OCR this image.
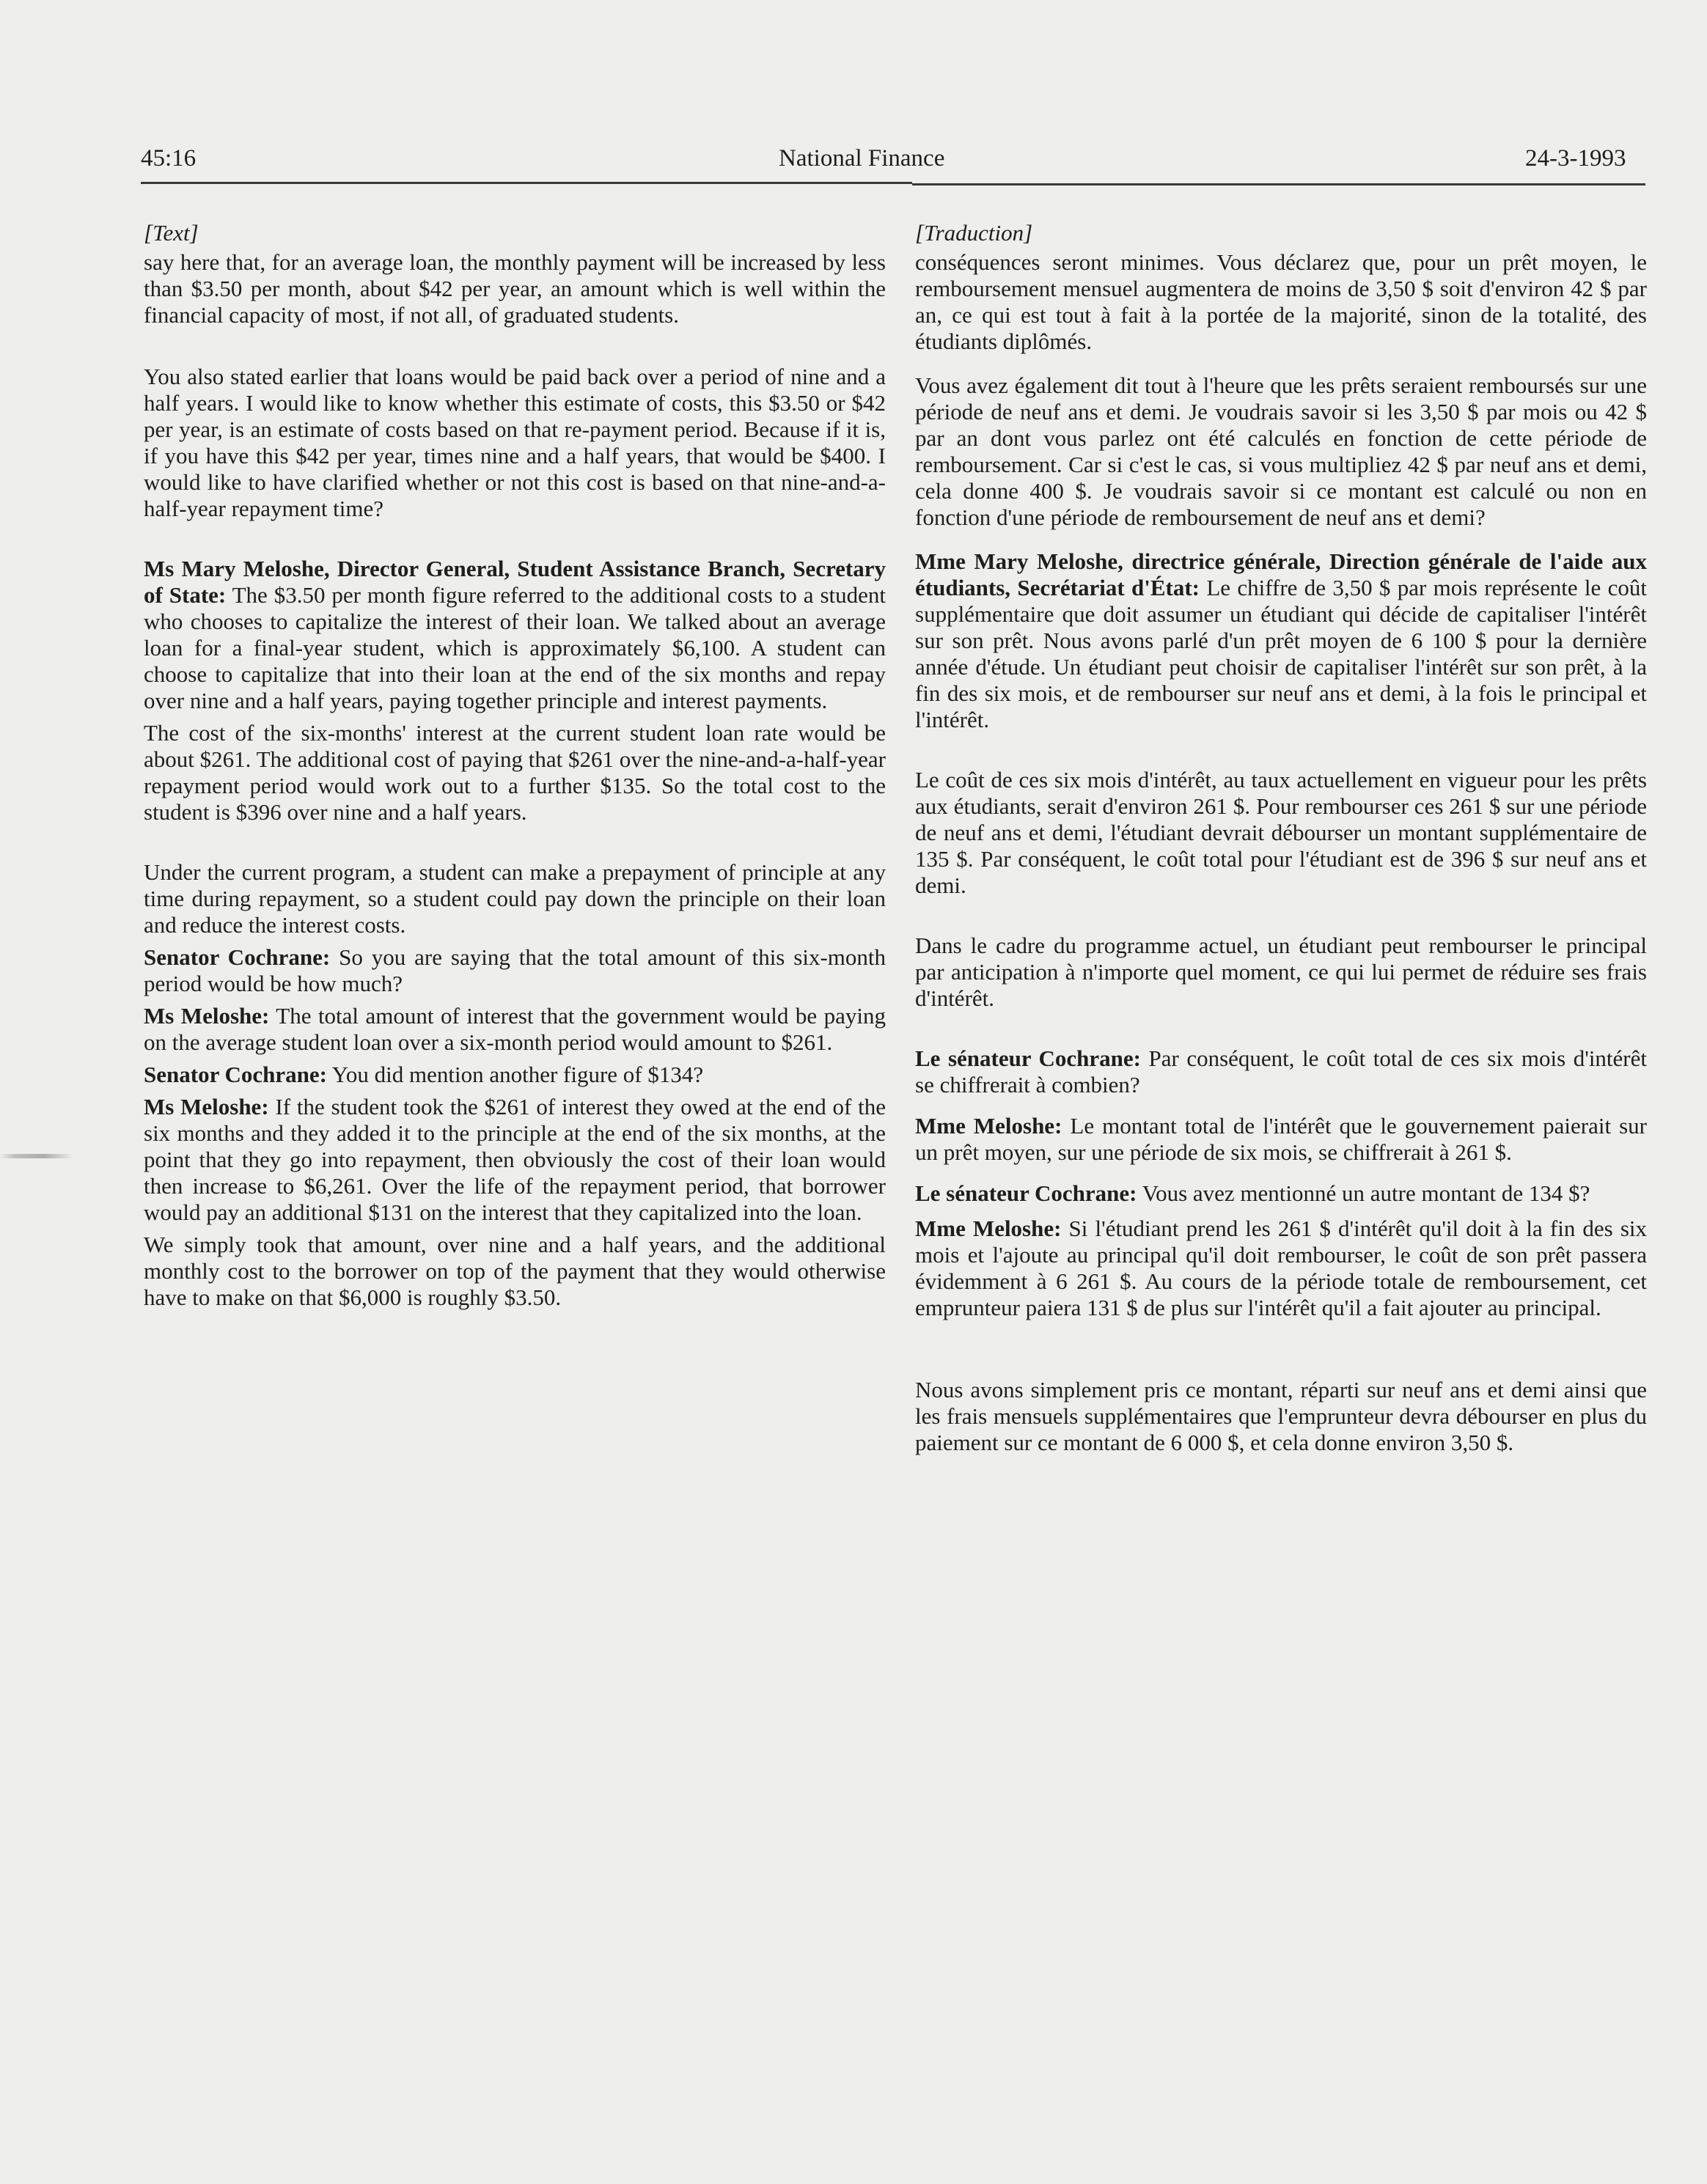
45:16	National Finance	24-3-1993

[Text]

say here that, for an average loan, the monthly payment will be increased by less than $3.50 per month, about $42 per year, an amount which is well within the financial capacity of most, if not all, of graduated students.

You also stated earlier that loans would be paid back over a period of nine and a half years. I would like to know whether this estimate of costs, this $3.50 or $42 per year, is an estimate of costs based on that re-payment period. Because if it is, if you have this $42 per year, times nine and a half years, that would be $400. I would like to have clarified whether or not this cost is based on that nine-and-a-half-year repayment time?

Ms Mary Meloshe, Director General, Student Assistance Branch, Secretary of State: The $3.50 per month figure referred to the additional costs to a student who chooses to capitalize the interest of their loan. We talked about an average loan for a final-year student, which is approximately $6,100. A student can choose to capitalize that into their loan at the end of the six months and repay over nine and a half years, paying together principle and interest payments.

The cost of the six-months' interest at the current student loan rate would be about $261. The additional cost of paying that $261 over the nine-and-a-half-year repayment period would work out to a further $135. So the total cost to the student is $396 over nine and a half years.

Under the current program, a student can make a prepayment of principle at any time during repayment, so a student could pay down the principle on their loan and reduce the interest costs.

Senator Cochrane: So you are saying that the total amount of this six-month period would be how much?

Ms Meloshe: The total amount of interest that the government would be paying on the average student loan over a six-month period would amount to $261.

Senator Cochrane: You did mention another figure of $134?

Ms Meloshe: If the student took the $261 of interest they owed at the end of the six months and they added it to the principle at the end of the six months, at the point that they go into repayment, then obviously the cost of their loan would then increase to $6,261. Over the life of the repayment period, that borrower would pay an additional $131 on the interest that they capitalized into the loan.

We simply took that amount, over nine and a half years, and the additional monthly cost to the borrower on top of the payment that they would otherwise have to make on that $6,000 is roughly $3.50.

[Traduction]

conséquences seront minimes. Vous déclarez que, pour un prêt moyen, le remboursement mensuel augmentera de moins de 3,50 $ soit d'environ 42 $ par an, ce qui est tout à fait à la portée de la majorité, sinon de la totalité, des étudiants diplômés.

Vous avez également dit tout à l'heure que les prêts seraient remboursés sur une période de neuf ans et demi. Je voudrais savoir si les 3,50 $ par mois ou 42 $ par an dont vous parlez ont été calculés en fonction de cette période de remboursement. Car si c'est le cas, si vous multipliez 42 $ par neuf ans et demi, cela donne 400 $. Je voudrais savoir si ce montant est calculé ou non en fonction d'une période de remboursement de neuf ans et demi?

Mme Mary Meloshe, directrice générale, Direction générale de l'aide aux étudiants, Secrétariat d'État: Le chiffre de 3,50 $ par mois représente le coût supplémentaire que doit assumer un étudiant qui décide de capitaliser l'intérêt sur son prêt. Nous avons parlé d'un prêt moyen de 6 100 $ pour la dernière année d'étude. Un étudiant peut choisir de capitaliser l'intérêt sur son prêt, à la fin des six mois, et de rembourser sur neuf ans et demi, à la fois le principal et l'intérêt.

Le coût de ces six mois d'intérêt, au taux actuellement en vigueur pour les prêts aux étudiants, serait d'environ 261 $. Pour rembourser ces 261 $ sur une période de neuf ans et demi, l'étudiant devrait débourser un montant supplémentaire de 135 $. Par conséquent, le coût total pour l'étudiant est de 396 $ sur neuf ans et demi.

Dans le cadre du programme actuel, un étudiant peut rembourser le principal par anticipation à n'importe quel moment, ce qui lui permet de réduire ses frais d'intérêt.

Le sénateur Cochrane: Par conséquent, le coût total de ces six mois d'intérêt se chiffrerait à combien?

Mme Meloshe: Le montant total de l'intérêt que le gouvernement paierait sur un prêt moyen, sur une période de six mois, se chiffrerait à 261 $.

Le sénateur Cochrane: Vous avez mentionné un autre montant de 134 $?

Mme Meloshe: Si l'étudiant prend les 261 $ d'intérêt qu'il doit à la fin des six mois et l'ajoute au principal qu'il doit rembourser, le coût de son prêt passera évidemment à 6 261 $. Au cours de la période totale de remboursement, cet emprunteur paiera 131 $ de plus sur l'intérêt qu'il a fait ajouter au principal.

Nous avons simplement pris ce montant, réparti sur neuf ans et demi ainsi que les frais mensuels supplémentaires que l'emprunteur devra débourser en plus du paiement sur ce montant de 6 000 $, et cela donne environ 3,50 $.
